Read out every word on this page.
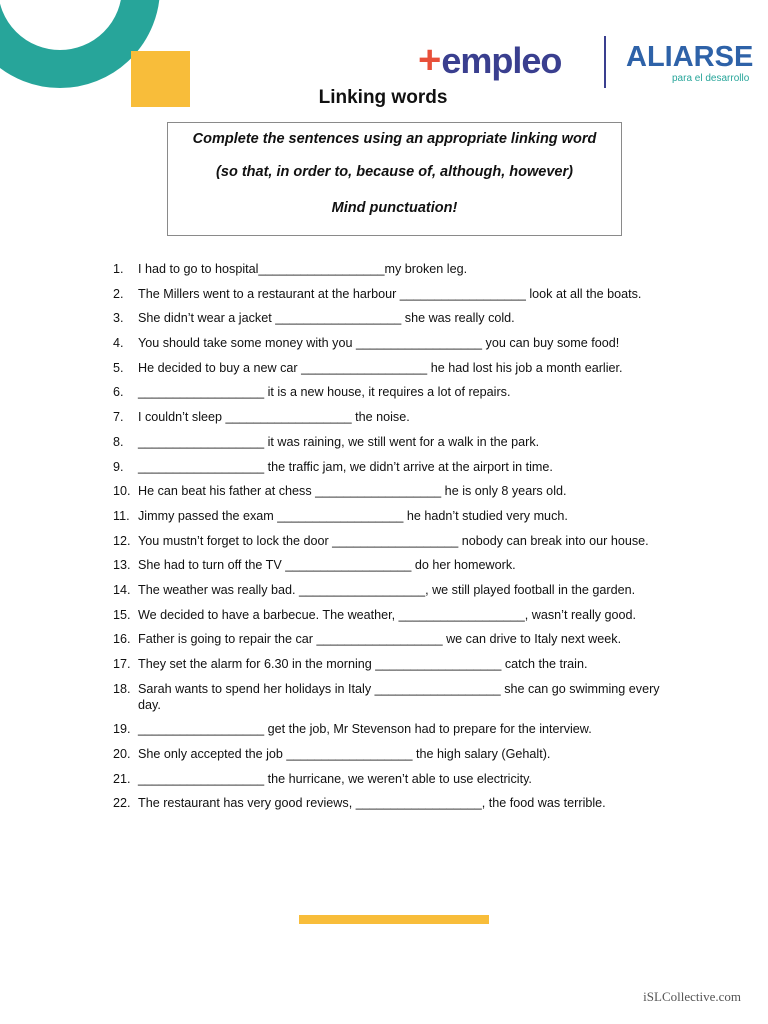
+empleo ALIARSE
para el desarrollo
Linking words
Complete the sentences using an appropriate linking word
(so that, in order to, because of, although, however)
Mind punctuation!
1. I had to go to hospital__________________my broken leg.
2. The Millers went to a restaurant at the harbour __________________ look at all the boats.
3. She didn’t wear a jacket __________________ she was really cold.
4. You should take some money with you __________________ you can buy some food!
5. He decided to buy a new car __________________ he had lost his job a month earlier.
6. __________________ it is a new house, it requires a lot of repairs.
7. I couldn’t sleep __________________ the noise.
8. __________________ it was raining, we still went for a walk in the park.
9. __________________ the traffic jam, we didn’t arrive at the airport in time.
10. He can beat his father at chess __________________ he is only 8 years old.
11. Jimmy passed the exam __________________ he hadn’t studied very much.
12. You mustn’t forget to lock the door __________________ nobody can break into our house.
13. She had to turn off the TV __________________ do her homework.
14. The weather was really bad. __________________, we still played football in the garden.
15. We decided to have a barbecue. The weather, __________________, wasn’t really good.
16. Father is going to repair the car __________________ we can drive to Italy next week.
17. They set the alarm for 6.30 in the morning __________________ catch the train.
18. Sarah wants to spend her holidays in Italy __________________ she can go swimming every day.
19. __________________ get the job, Mr Stevenson had to prepare for the interview.
20. She only accepted the job __________________ the high salary (Gehalt).
21. __________________ the hurricane, we weren’t able to use electricity.
22. The restaurant has very good reviews, __________________, the food was terrible.
iSLCollective.com
